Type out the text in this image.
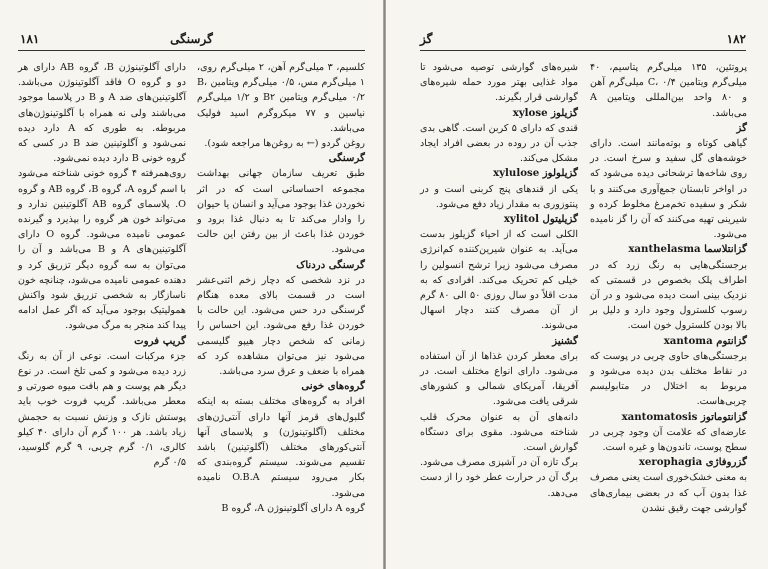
۱۸۱	گرسنگی

کلسیم، ۳ میلی‌گرم آهن، ۲ میلی‌گرم روی، ۱ میلی‌گرم مس، ۰/۵ میلی‌گرم ویتامین B، ۰/۲ میلی‌گرم ویتامین B۲ و ۱/۲ میلی‌گرم نیاسین و ۷۷ میکروگرم اسید فولیک می‌باشد.

روغن گردو (← به روغن‌ها مراجعه شود).

گرسنگی

طبق تعریف سازمان جهانی بهداشت مجموعه احساساتی است که در اثر نخوردن غذا بوجود می‌آید و انسان یا حیوان را وادار می‌کند تا به دنبال غذا برود و خوردن غذا باعث از بین رفتن این حالت می‌شود.

گرسنگی دردناک

در نزد شخصی که دچار زخم اثنی‌عشر است در قسمت بالای معده هنگام گرسنگی درد حس می‌شود. این حالت با خوردن غذا رفع می‌شود. این احساس را زمانی که شخص دچار هیپو گلیسمی می‌شود نیز می‌توان مشاهده کرد که همراه با ضعف و عرق سرد می‌باشد.

گروه‌های خونی

افراد به گروه‌های مختلف بسته به اینکه گلبول‌های قرمز آنها دارای آنتی‌ژن‌های مختلف (آگلوتینوژن) و پلاسمای آنها آنتی‌کورهای مختلف (آگلوتینین) باشد تقسیم می‌شوند. سیستم گروه‌بندی که بکار می‌رود سیستم O.B.A نامیده می‌شود.

گروه A دارای آگلوتینوژن A، گروه B

دارای آگلوتینوژن B، گروه AB دارای هر دو و گروه O فاقد آگلوتینوژن می‌باشد. آگلوتینین‌های ضد A و B در پلاسما موجود می‌باشند ولی نه همراه با آگلوتینوژن‌های مربوطه. به طوری که A دارد دیده نمی‌شود و آگلوتینین ضد B در کسی که گروه خونی B دارد دیده نمی‌شود.

روی‌همرفته ۴ گروه خونی شناخته می‌شود با اسم گروه A، گروه B، گروه AB و گروه O. پلاسمای گروه AB آگلوتینین ندارد و می‌تواند خون هر گروه را بپذیرد و گیرنده عمومی نامیده می‌شود. گروه O دارای آگلوتینین‌های A و B می‌باشد و آن را می‌توان به سه گروه دیگر تزریق کرد و دهنده عمومی نامیده می‌شود، چنانچه خون ناسازگار به شخصی تزریق شود واکنش همولیتیک بوجود می‌آید که اگر عمل ادامه پیدا کند منجر به مرگ می‌شود.

گریپ فروت

جزء مرکبات است. نوعی از آن به رنگ زرد دیده می‌شود و کمی تلخ است. در نوع دیگر هم پوست و هم بافت میوه صورتی و معطر می‌باشد. گریپ فروت خوب باید پوستش نازک و وزنش نسبت به حجمش زیاد باشد. هر ۱۰۰ گرم آن دارای ۴۰ کیلو کالری، ۰/۱ گرم چربی، ۹ گرم گلوسید، ۰/۵ گرم

۱۸۲
گز

پروتئین، ۱۳۵ میلی‌گرم پتاسیم، ۴۰ میلی‌گرم ویتامین C، ۰/۴ میلی‌گرم آهن و ۸۰ واحد بین‌المللی ویتامین A می‌باشد.

گز

گیاهی کوتاه و بوته‌مانند است. دارای خوشه‌های گل سفید و سرخ است. در روی شاخه‌ها ترشحاتی دیده می‌شود که در اواخر تابستان جمع‌آوری می‌کنند و با شکر و سفیده تخم‌مرغ مخلوط کرده و شیرینی تهیه می‌کنند که آن را گز نامیده می‌شود.

گزانتلاسما xanthelasma

برجستگی‌هایی به رنگ زرد که در اطراف پلک بخصوص در قسمتی که نزدیک بینی است دیده می‌شود و در آن رسوب کلسترول وجود دارد و دلیل بر بالا بودن کلسترول خون است.

گزانتوم xantoma

برجستگی‌های حاوی چربی در پوست که در نقاط مختلف بدن دیده می‌شود و مربوط به اختلال در متابولیسم چربی‌هاست.

گزانتوماتوز xantomatosis

عارضه‌ای که علامت آن وجود چربی در سطح پوست، تاندون‌ها و غیره است.

گزروفاژی xerophagia

به معنی خشک‌خوری است یعنی مصرف غذا بدون آب که در بعضی بیماری‌های گوارشی جهت رقیق نشدن

شیره‌های گوارشی توصیه می‌شود تا مواد غذایی بهتر مورد حمله شیره‌های گوارشی قرار بگیرند.

گزیلوز xylose

قندی که دارای ۵ کربن است. گاهی بدی جذب آن در روده در بعضی افراد ایجاد مشکل می‌کند.

گزیلولوز xylulose

یکی از قندهای پنج کربنی است و در پنتوزوری به مقدار زیاد دفع می‌شود.

گزیلیتول xylitol

الکلی است که از احیاء گزیلوز بدست می‌آید. به عنوان شیرین‌کننده کم‌انرژی مصرف می‌شود زیرا ترشح انسولین را خیلی کم تحریک می‌کند. افرادی که به مدت اقلاً دو سال روزی ۵۰ الی ۸۰ گرم از آن مصرف کنند دچار اسهال می‌شوند.

گشنیز

برای معطر کردن غذاها از آن استفاده می‌شود. دارای انواع مختلف است. در آفریقا، آمریکای شمالی و کشورهای شرقی یافت می‌شود.

دانه‌های آن به عنوان محرک قلب شناخته می‌شود. مقوی برای دستگاه گوارش است.

برگ تازه آن در آشپزی مصرف می‌شود. برگ آن در حرارت عطر خود را از دست می‌دهد.
